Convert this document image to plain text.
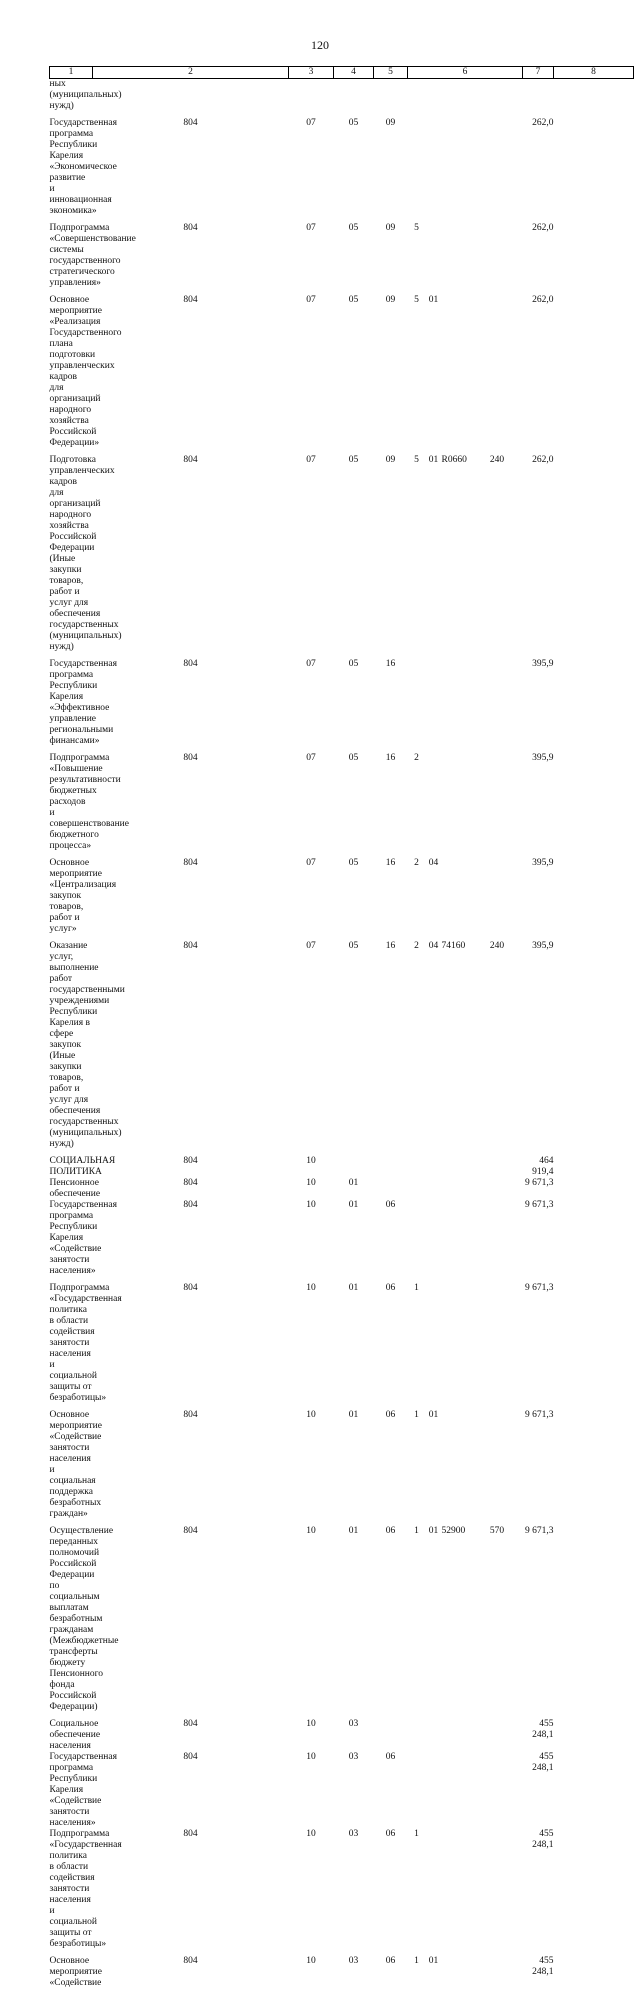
120
1	2	3	4	5	6				7	8
ных (муниципальных) нужд)										
Государственная программа Республики Карелия «Экономическое развитие и инновационная экономика»	804	07	05	09					262,0	
Подпрограмма «Совершенствование системы государственного стратегического управления»	804	07	05	09	5				262,0	
Основное мероприятие «Реализация Государственного плана подготовки управленческих кадров для организаций народного хозяйства Российской Федерации»	804	07	05	09	5	01			262,0	
Подготовка управленческих кадров для организаций народного хозяйства Российской Федерации (Иные закупки товаров, работ и услуг для обеспечения государственных (муниципальных) нужд)	804	07	05	09	5	01	R0660	240	262,0	
Государственная программа Республики Карелия «Эффективное управление региональными финансами»	804	07	05	16					395,9	
Подпрограмма «Повышение результативности бюджетных расходов и совершенствование бюджетного процесса»	804	07	05	16	2				395,9	
Основное мероприятие «Централизация закупок товаров, работ и услуг»	804	07	05	16	2	04			395,9	
Оказание услуг, выполнение работ государственными учреждениями Республики Карелия в сфере закупок (Иные закупки товаров, работ и услуг для обеспечения государственных (муниципальных) нужд)	804	07	05	16	2	04	74160	240	395,9	
СОЦИАЛЬНАЯ ПОЛИТИКА	804	10							464 919,4	
Пенсионное обеспечение	804	10	01						9 671,3	
Государственная программа Республики Карелия «Содействие занятости населения»	804	10	01	06					9 671,3	
Подпрограмма «Государственная политика в области содействия занятости населения и социальной защиты от безработицы»	804	10	01	06	1				9 671,3	
Основное мероприятие «Содействие занятости населения и социальная поддержка безработных граждан»	804	10	01	06	1	01			9 671,3	
Осуществление переданных полномочий Российской Федерации по социальным выплатам безработным гражданам (Межбюджетные трансферты бюджету Пенсионного фонда Российской Федерации)	804	10	01	06	1	01	52900	570	9 671,3	
Социальное обеспечение населения	804	10	03						455 248,1	
Государственная программа Республики Карелия «Содействие занятости населения»	804	10	03	06					455 248,1	
Подпрограмма «Государственная политика в области содействия занятости населения и социальной защиты от безработицы»	804	10	03	06	1				455 248,1	
Основное мероприятие «Содействие	804	10	03	06	1	01			455 248,1	
